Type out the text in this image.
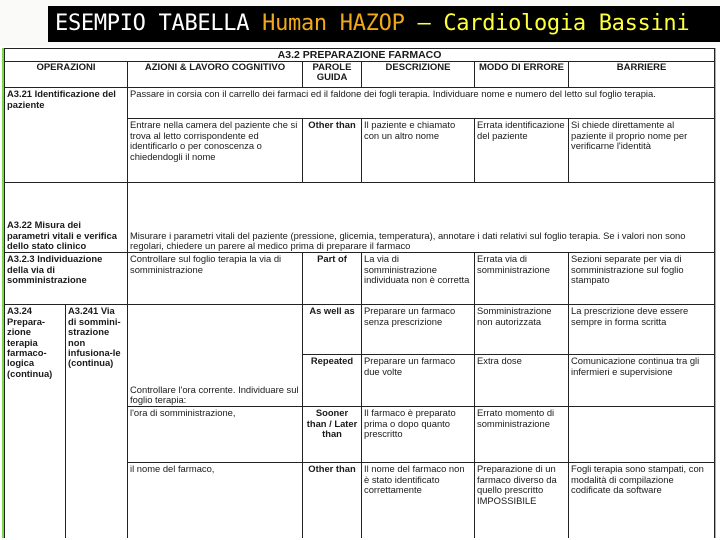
ESEMPIO TABELLA Human HAZOP – Cardiologia Bassini
A3.2 PREPARAZIONE FARMACO						
OPERAZIONI		AZIONI & LAVORO COGNITIVO	PAROLE GUIDA	DESCRIZIONE	MODO DI ERRORE	BARRIERE
A3.21 Identificazione del paziente		Passare in corsia con il carrello dei farmaci ed il faldone dei fogli terapia. Individuare nome e numero del letto sul foglio terapia.				
		Entrare nella camera del paziente che si trova al letto corrispondente ed identificarlo o per conoscenza o chiedendogli il nome	Other than	Il paziente e chiamato con un altro nome	Errata identificazione del paziente	Si chiede direttamente al paziente il proprio nome per verificarne l'identità
A3.22 Misura dei parametri vitali e verifica dello stato clinico		Misurare i parametri vitali del paziente (pressione, glicemia, temperatura), annotare i dati relativi sul foglio terapia. Se i valori non sono regolari, chiedere un parere al medico prima di preparare il farmaco				
A3.2.3 Individuazione della via di somministrazione		Controllare sul foglio terapia la via di somministrazione	Part of	La via di somministrazione individuata non è corretta	Errata via di somministrazione	Sezioni separate per via di somministrazione sul foglio stampato
A3.24 Prepara-zione terapia farmaco-logica (continua)	A3.241 Via di sommini-strazione non infusiona-le (continua)	Controllare l'ora corrente. Individuare sul foglio terapia:	As well as	Preparare un farmaco senza prescrizione	Somministrazione non autorizzata	La prescrizione deve essere sempre in forma scritta
			Repeated	Preparare un farmaco due volte	Extra dose	Comunicazione continua tra gli infermieri e supervisione
		l'ora di somministrazione,	Sooner than / Later than	Il farmaco è preparato prima o dopo quanto prescritto	Errato momento di somministrazione	
		il nome del farmaco,	Other than	Il nome del farmaco non è stato identificato correttamente	Preparazione di un farmaco diverso da quello prescritto IMPOSSIBILE	Fogli terapia sono stampati, con modalità di compilazione codificate da software
